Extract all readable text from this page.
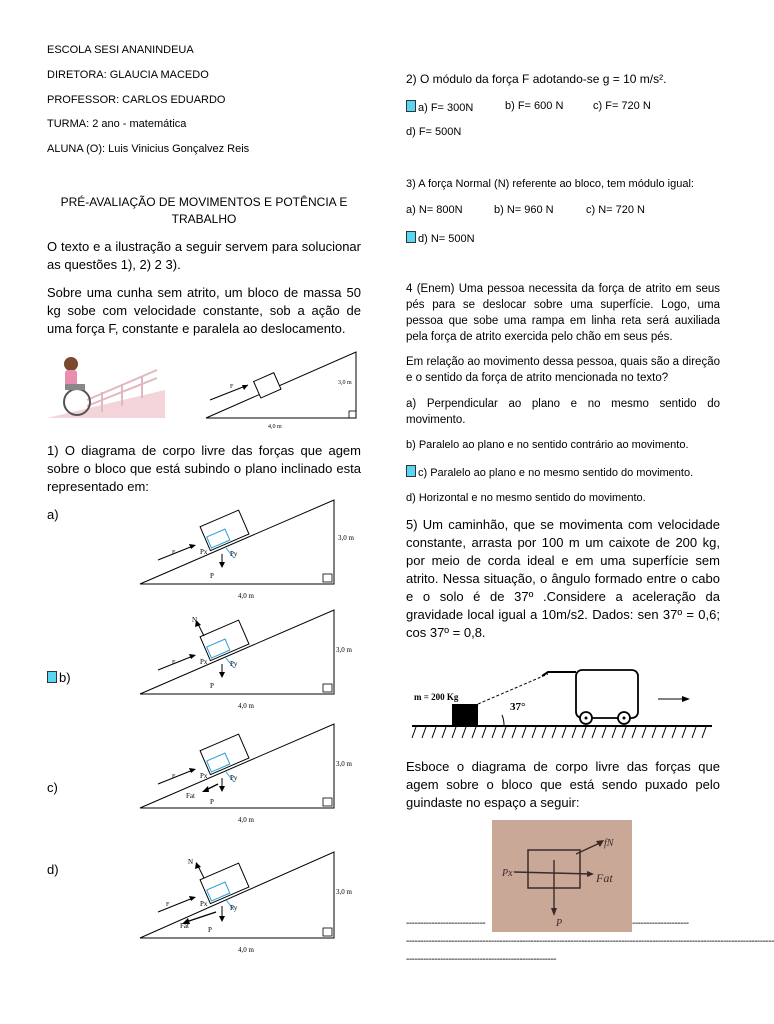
ESCOLA SESI ANANINDEUA
DIRETORA: GLAUCIA MACEDO
PROFESSOR: CARLOS EDUARDO
TURMA: 2 ano - matemática
ALUNA (O): Luis Vinicius Gonçalvez Reis
PRÉ-AVALIAÇÃO DE MOVIMENTOS E POTÊNCIA E
TRABALHO
O texto e a ilustração a seguir servem para solucionar as questões 1), 2) 2 3).
Sobre uma cunha sem atrito, um bloco de massa 50 kg sobe com velocidade constante, sob a ação de uma força F, constante e paralela ao deslocamento.
F
3,0 m
4,0 m
1) O diagrama de corpo livre das forças que agem sobre o bloco que está subindo o plano inclinado esta representado em:
a)
b)
c)
d)
F	Px	Py
P
3,0 m
4,0 m
N
F	Px	Py
P
3,0 m
4,0 m
F	Px	Py
Fat
P
3,0 m
4,0 m
N
F	Px	Py
Fat	P
3,0 m
4,0 m
2) O módulo da força F adotando-se g = 10 m/s².
a) F= 300N	b) F= 600 N	c) F= 720 N
d) F= 500N
3) A força Normal (N) referente ao bloco, tem módulo igual:
a) N= 800N	b) N= 960 N	c) N= 720 N
d) N= 500N
4 (Enem) Uma pessoa necessita da força de atrito em seus pés para se deslocar sobre uma superfície. Logo, uma pessoa que sobe uma rampa em linha reta será auxiliada pela força de atrito exercida pelo chão em seus pés.
Em relação ao movimento dessa pessoa, quais são a direção e o sentido da força de atrito mencionada no texto?
a) Perpendicular ao plano e no mesmo sentido do movimento.
b) Paralelo ao plano e no sentido contrário ao movimento.
c) Paralelo ao plano e no mesmo sentido do movimento.
d) Horizontal e no mesmo sentido do movimento.
5) Um caminhão, que se movimenta com velocidade constante, arrasta por 100 m um caixote de 200 kg, por meio de corda ideal e em uma superfície sem atrito. Nessa situação, o ângulo formado entre o cabo e o solo é de 37º .Considere a aceleração da gravidade local igual a 10m/s2. Dados: sen 37º = 0,6; cos 37º = 0,8.
m = 200 Kg
37°
Esboce o diagrama de corpo livre das forças que agem sobre o bloco que está sendo puxado pelo guindaste no espaço a seguir:
----------------------------	--------------------
----------------------------------------------------------------------------------------------------------------------------------
-----------------------------------------------------
fN
Px	Fat
P
